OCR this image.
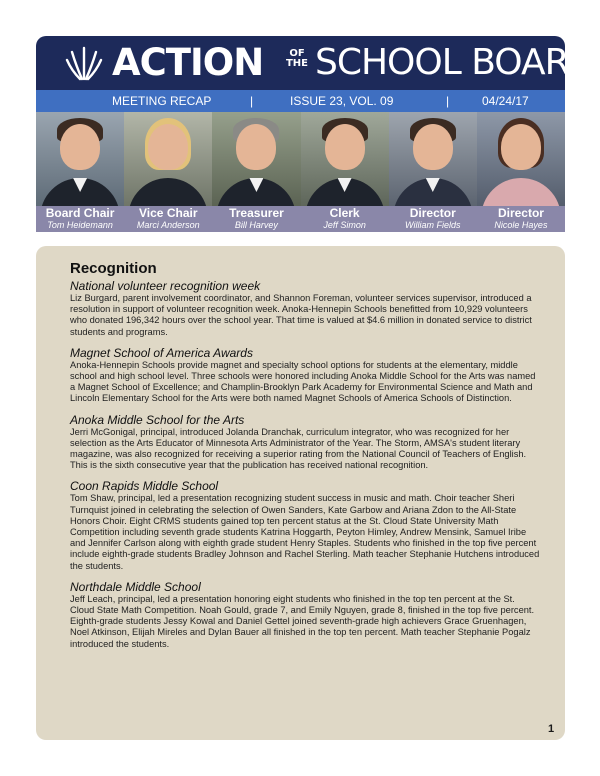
ACTION	OF
THE SCHOOL BOARD
MEETING RECAP	|	ISSUE 23, VOL. 09	|	04/24/17
Board Chair
Tom Heidemann
Vice Chair
Marci Anderson
Treasurer
Bill Harvey
Clerk
Jeff Simon
Director
William Fields
Director
Nicole Hayes
Recognition
National volunteer recognition week

Liz Burgard, parent involvement coordinator, and Shannon Foreman, volunteer services supervisor, introduced a resolution in support of volunteer recognition week. Anoka-Hennepin Schools benefitted from 10,929 volunteers who donated 196,342 hours over the school year. That time is valued at $4.6 million in donated service to district students and programs.

Magnet School of America Awards

Anoka-Hennepin Schools provide magnet and specialty school options for students at the elementary, middle school and high school level. Three schools were honored including Anoka Middle School for the Arts was named a Magnet School of Excellence; and Champlin-Brooklyn Park Academy for Environmental Science and Math and Lincoln Elementary School for the Arts were both named Magnet Schools of America Schools of Distinction.

Anoka Middle School for the Arts

Jerri McGonigal, principal, introduced Jolanda Dranchak, curriculum integrator, who was recognized for her selection as the Arts Educator of Minnesota Arts Administrator of the Year. The Storm, AMSA's student literary magazine, was also recognized for receiving a superior rating from the National Council of Teachers of English. This is the sixth consecutive year that the publication has received national recognition.

Coon Rapids Middle School

Tom Shaw, principal, led a presentation recognizing student success in music and math. Choir teacher Sheri Turnquist joined in celebrating the selection of Owen Sanders, Kate Garbow and Ariana Zdon to the All-State Honors Choir. Eight CRMS students gained top ten percent status at the St. Cloud State University Math Competition including seventh grade students Katrina Hoggarth, Peyton Himley, Andrew Mensink, Samuel Iribe and Jennifer Carlson along with eighth grade student Henry Staples. Students who finished in the top five percent include eighth-grade students Bradley Johnson and Rachel Sterling. Math teacher Stephanie Hutchens introduced the students.

Northdale Middle School

Jeff Leach, principal, led a presentation honoring eight students who finished in the top ten percent at the St. Cloud State Math Competition. Noah Gould, grade 7, and Emily Nguyen, grade 8, finished in the top five percent. Eighth-grade students Jessy Kowal and Daniel Gettel joined seventh-grade high achievers Grace Gruenhagen, Noel Atkinson, Elijah Mireles and Dylan Bauer all finished in the top ten percent. Math teacher Stephanie Pogalz introduced the students.

1
